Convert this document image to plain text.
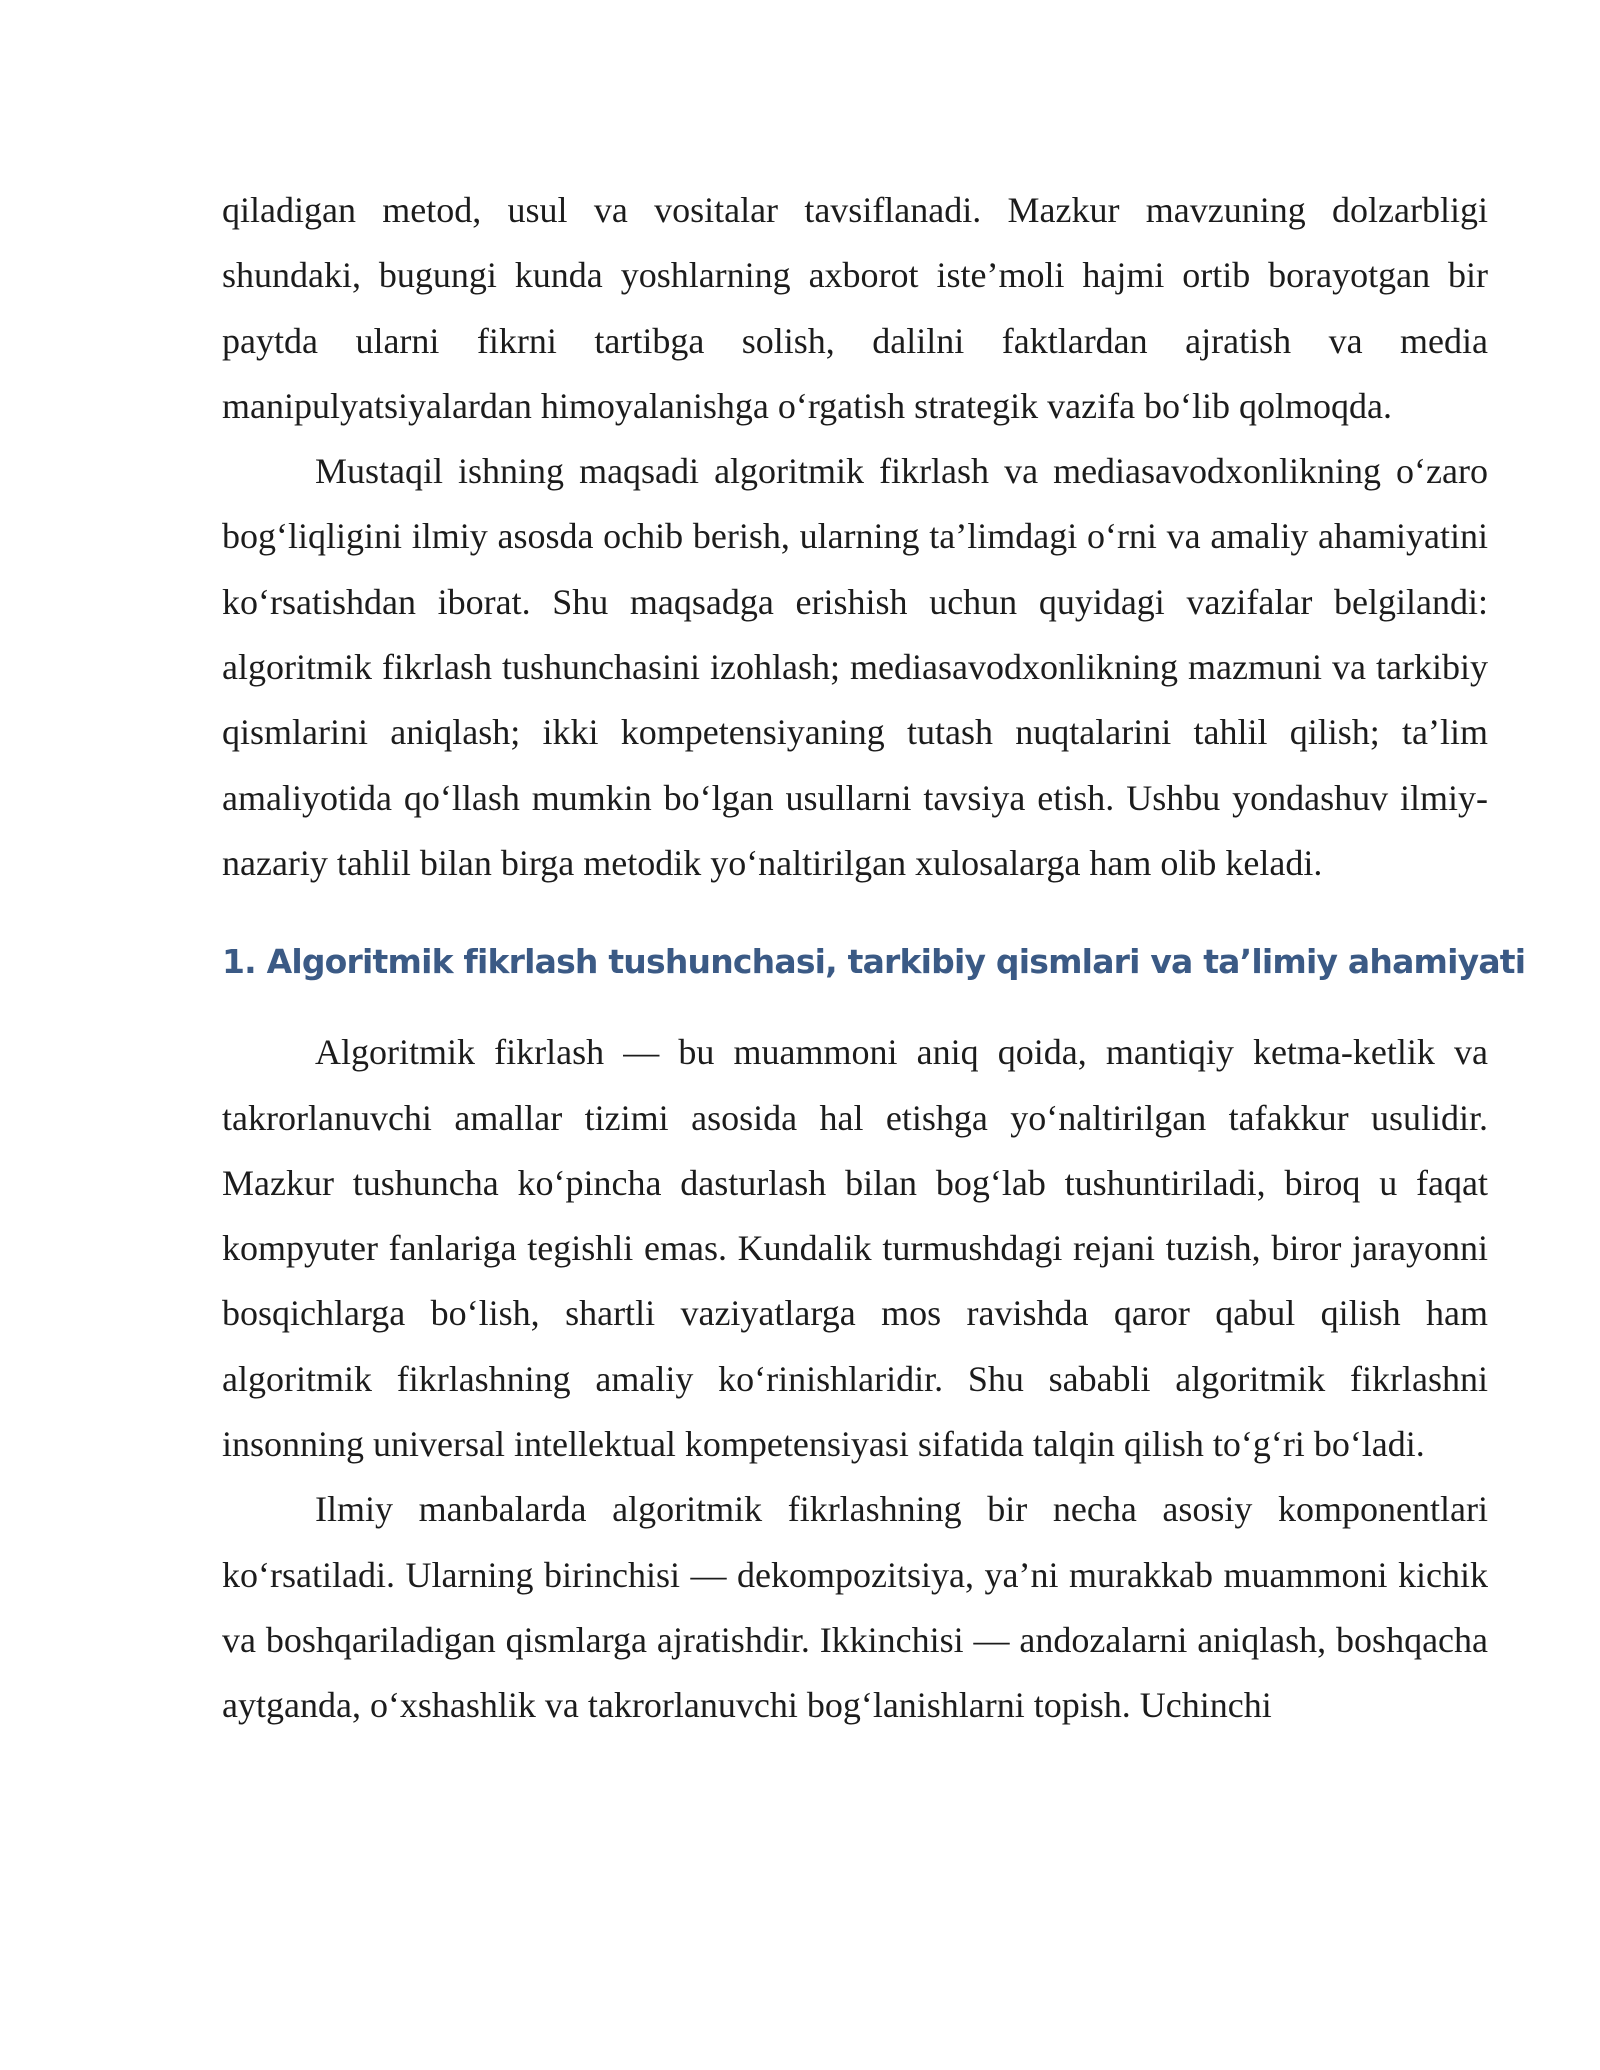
qiladigan metod, usul va vositalar tavsiflanadi. Mazkur mavzuning dolzarbligi shundaki, bugungi kunda yoshlarning axborot iste’moli hajmi ortib borayotgan bir paytda ularni fikrni tartibga solish, dalilni faktlardan ajratish va media manipulyatsiyalardan himoyalanishga o‘rgatish strategik vazifa bo‘lib qolmoqda.

Mustaqil ishning maqsadi algoritmik fikrlash va mediasavodxonlikning o‘zaro bog‘liqligini ilmiy asosda ochib berish, ularning ta’limdagi o‘rni va amaliy ahamiyatini ko‘rsatishdan iborat. Shu maqsadga erishish uchun quyidagi vazifalar belgilandi: algoritmik fikrlash tushunchasini izohlash; mediasavodxonlikning mazmuni va tarkibiy qismlarini aniqlash; ikki kompetensiyaning tutash nuqtalarini tahlil qilish; ta’lim amaliyotida qo‘llash mumkin bo‘lgan usullarni tavsiya etish. Ushbu yondashuv ilmiy-nazariy tahlil bilan birga metodik yo‘naltirilgan xulosalarga ham olib keladi.

1. Algoritmik fikrlash tushunchasi, tarkibiy qismlari va ta’limiy ahamiyati

Algoritmik fikrlash — bu muammoni aniq qoida, mantiqiy ketma-ketlik va takrorlanuvchi amallar tizimi asosida hal etishga yo‘naltirilgan tafakkur usulidir. Mazkur tushuncha ko‘pincha dasturlash bilan bog‘lab tushuntiriladi, biroq u faqat kompyuter fanlariga tegishli emas. Kundalik turmushdagi rejani tuzish, biror jarayonni bosqichlarga bo‘lish, shartli vaziyatlarga mos ravishda qaror qabul qilish ham algoritmik fikrlashning amaliy ko‘rinishlaridir. Shu sababli algoritmik fikrlashni insonning universal intellektual kompetensiyasi sifatida talqin qilish to‘g‘ri bo‘ladi.

Ilmiy manbalarda algoritmik fikrlashning bir necha asosiy komponentlari ko‘rsatiladi. Ularning birinchisi — dekompozitsiya, ya’ni murakkab muammoni kichik va boshqariladigan qismlarga ajratishdir. Ikkinchisi — andozalarni aniqlash, boshqacha aytganda, o‘xshashlik va takrorlanuvchi bog‘lanishlarni topish. Uchinchi
